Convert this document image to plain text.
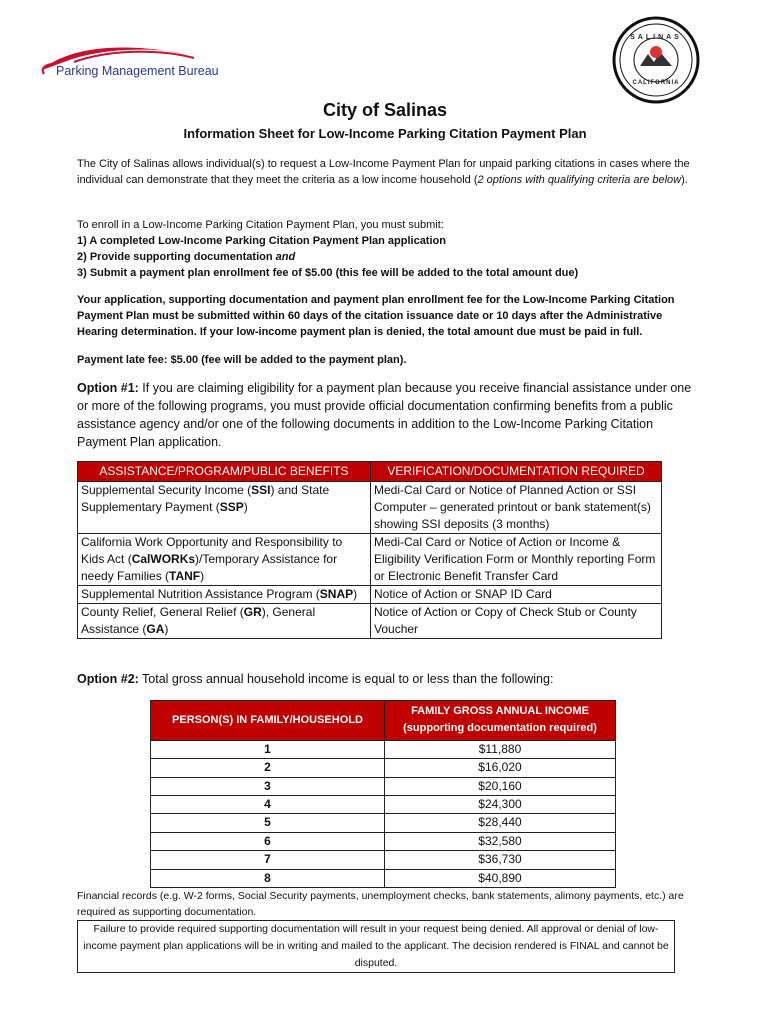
Parking Management Bureau
SALINAS
CALIFORNIA
City of Salinas
Information Sheet for Low-Income Parking Citation Payment Plan
The City of Salinas allows individual(s) to request a Low-Income Payment Plan for unpaid parking citations in cases where the individual can demonstrate that they meet the criteria as a low income household (2 options with qualifying criteria are below).
To enroll in a Low-Income Parking Citation Payment Plan, you must submit:
1) A completed Low-Income Parking Citation Payment Plan application
2) Provide supporting documentation and
3) Submit a payment plan enrollment fee of $5.00 (this fee will be added to the total amount due)
Your application, supporting documentation and payment plan enrollment fee for the Low-Income Parking Citation Payment Plan must be submitted within 60 days of the citation issuance date or 10 days after the Administrative Hearing determination. If your low-income payment plan is denied, the total amount due must be paid in full.
Payment late fee: $5.00 (fee will be added to the payment plan).
Option #1: If you are claiming eligibility for a payment plan because you receive financial assistance under one or more of the following programs, you must provide official documentation confirming benefits from a public assistance agency and/or one of the following documents in addition to the Low-Income Parking Citation Payment Plan application.
ASSISTANCE/PROGRAM/PUBLIC BENEFITS	VERIFICATION/DOCUMENTATION REQUIRED
Supplemental Security Income (SSI) and State Supplementary Payment (SSP)	Medi-Cal Card or Notice of Planned Action or SSI Computer – generated printout or bank statement(s) showing SSI deposits (3 months)
California Work Opportunity and Responsibility to Kids Act (CalWORKs)/Temporary Assistance for needy Families (TANF)	Medi-Cal Card or Notice of Action or Income & Eligibility Verification Form or Monthly reporting Form or Electronic Benefit Transfer Card
Supplemental Nutrition Assistance Program (SNAP)	Notice of Action or SNAP ID Card
County Relief, General Relief (GR), General Assistance (GA)	Notice of Action or Copy of Check Stub or County Voucher
Option #2: Total gross annual household income is equal to or less than the following:
PERSON(S) IN FAMILY/HOUSEHOLD	FAMILY GROSS ANNUAL INCOME
(supporting documentation required)

1	$11,880
2	$16,020
3	$20,160
4	$24,300
5	$28,440
6	$32,580
7	$36,730
8	$40,890
Financial records (e.g. W-2 forms, Social Security payments, unemployment checks, bank statements, alimony payments, etc.) are required as supporting documentation.
Failure to provide required supporting documentation will result in your request being denied. All approval or denial of low-income payment plan applications will be in writing and mailed to the applicant. The decision rendered is FINAL and cannot be disputed.
